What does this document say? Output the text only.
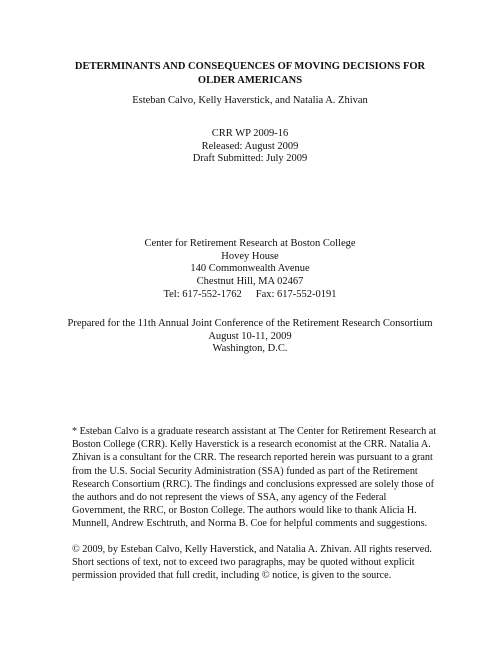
DETERMINANTS AND CONSEQUENCES OF MOVING DECISIONS FOR
OLDER AMERICANS
Esteban Calvo, Kelly Haverstick, and Natalia A. Zhivan
CRR WP 2009-16
Released: August 2009
Draft Submitted: July 2009
Center for Retirement Research at Boston College
Hovey House
140 Commonwealth Avenue
Chestnut Hill, MA 02467
Tel: 617-552-1762 Fax: 617-552-0191
Prepared for the 11th Annual Joint Conference of the Retirement Research Consortium
August 10-11, 2009
Washington, D.C.
* Esteban Calvo is a graduate research assistant at The Center for Retirement Research at
Boston College (CRR). Kelly Haverstick is a research economist at the CRR. Natalia A.
Zhivan is a consultant for the CRR. The research reported herein was pursuant to a grant
from the U.S. Social Security Administration (SSA) funded as part of the Retirement
Research Consortium (RRC). The findings and conclusions expressed are solely those of
the authors and do not represent the views of SSA, any agency of the Federal
Government, the RRC, or Boston College. The authors would like to thank Alicia H.
Munnell, Andrew Eschtruth, and Norma B. Coe for helpful comments and suggestions.
© 2009, by Esteban Calvo, Kelly Haverstick, and Natalia A. Zhivan. All rights reserved.
Short sections of text, not to exceed two paragraphs, may be quoted without explicit
permission provided that full credit, including © notice, is given to the source.
